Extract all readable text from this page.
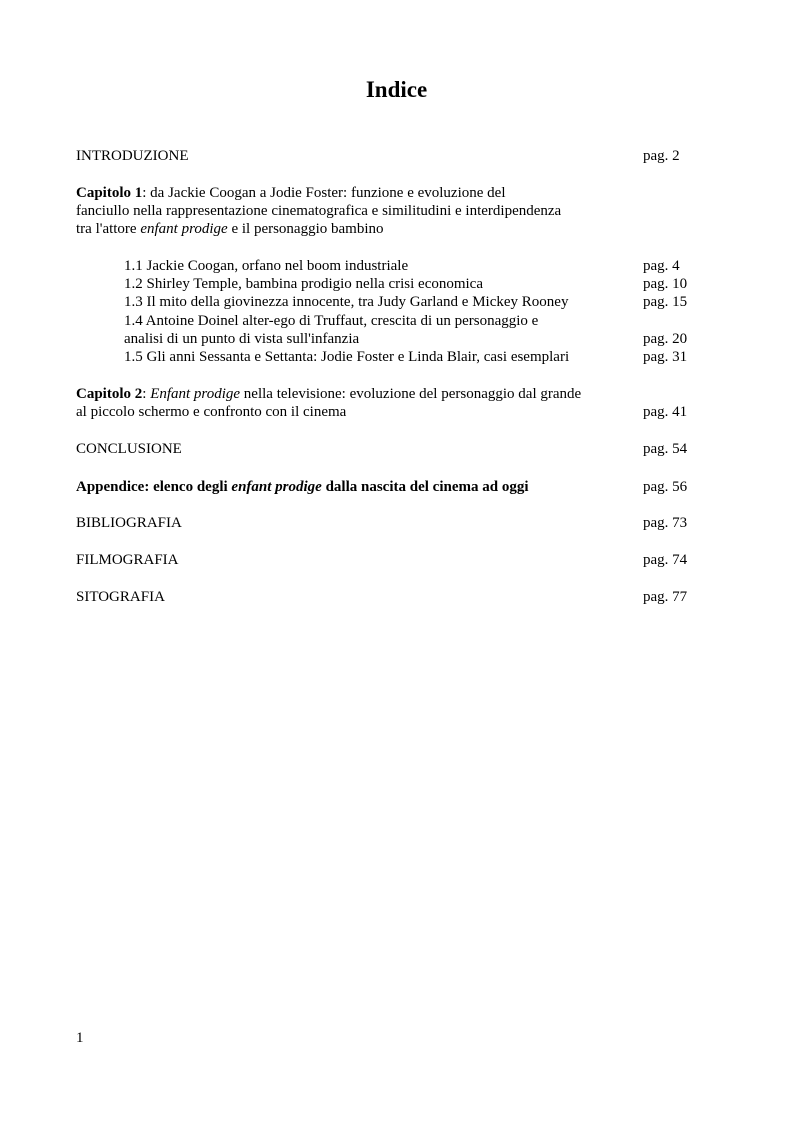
Indice
INTRODUZIONE	pag. 2
Capitolo 1: da Jackie Coogan a Jodie Foster: funzione e evoluzione del
fanciullo nella rappresentazione cinematografica e similitudini e interdipendenza
tra l'attore enfant prodige e il personaggio bambino
1.1 Jackie Coogan, orfano nel boom industriale	pag. 4
1.2 Shirley Temple, bambina prodigio nella crisi economica	pag. 10
1.3 Il mito della giovinezza innocente, tra Judy Garland e Mickey Rooney	pag. 15
1.4 Antoine Doinel alter-ego di Truffaut, crescita di un personaggio e
analisi di un punto di vista sull'infanzia	pag. 20
1.5 Gli anni Sessanta e Settanta: Jodie Foster e Linda Blair, casi esemplari	pag. 31
Capitolo 2: Enfant prodige nella televisione: evoluzione del personaggio dal grande
al piccolo schermo e confronto con il cinema	pag. 41
CONCLUSIONE	pag. 54
Appendice: elenco degli enfant prodige dalla nascita del cinema ad oggi	pag. 56
BIBLIOGRAFIA	pag. 73
FILMOGRAFIA	pag. 74
SITOGRAFIA	pag. 77
1
